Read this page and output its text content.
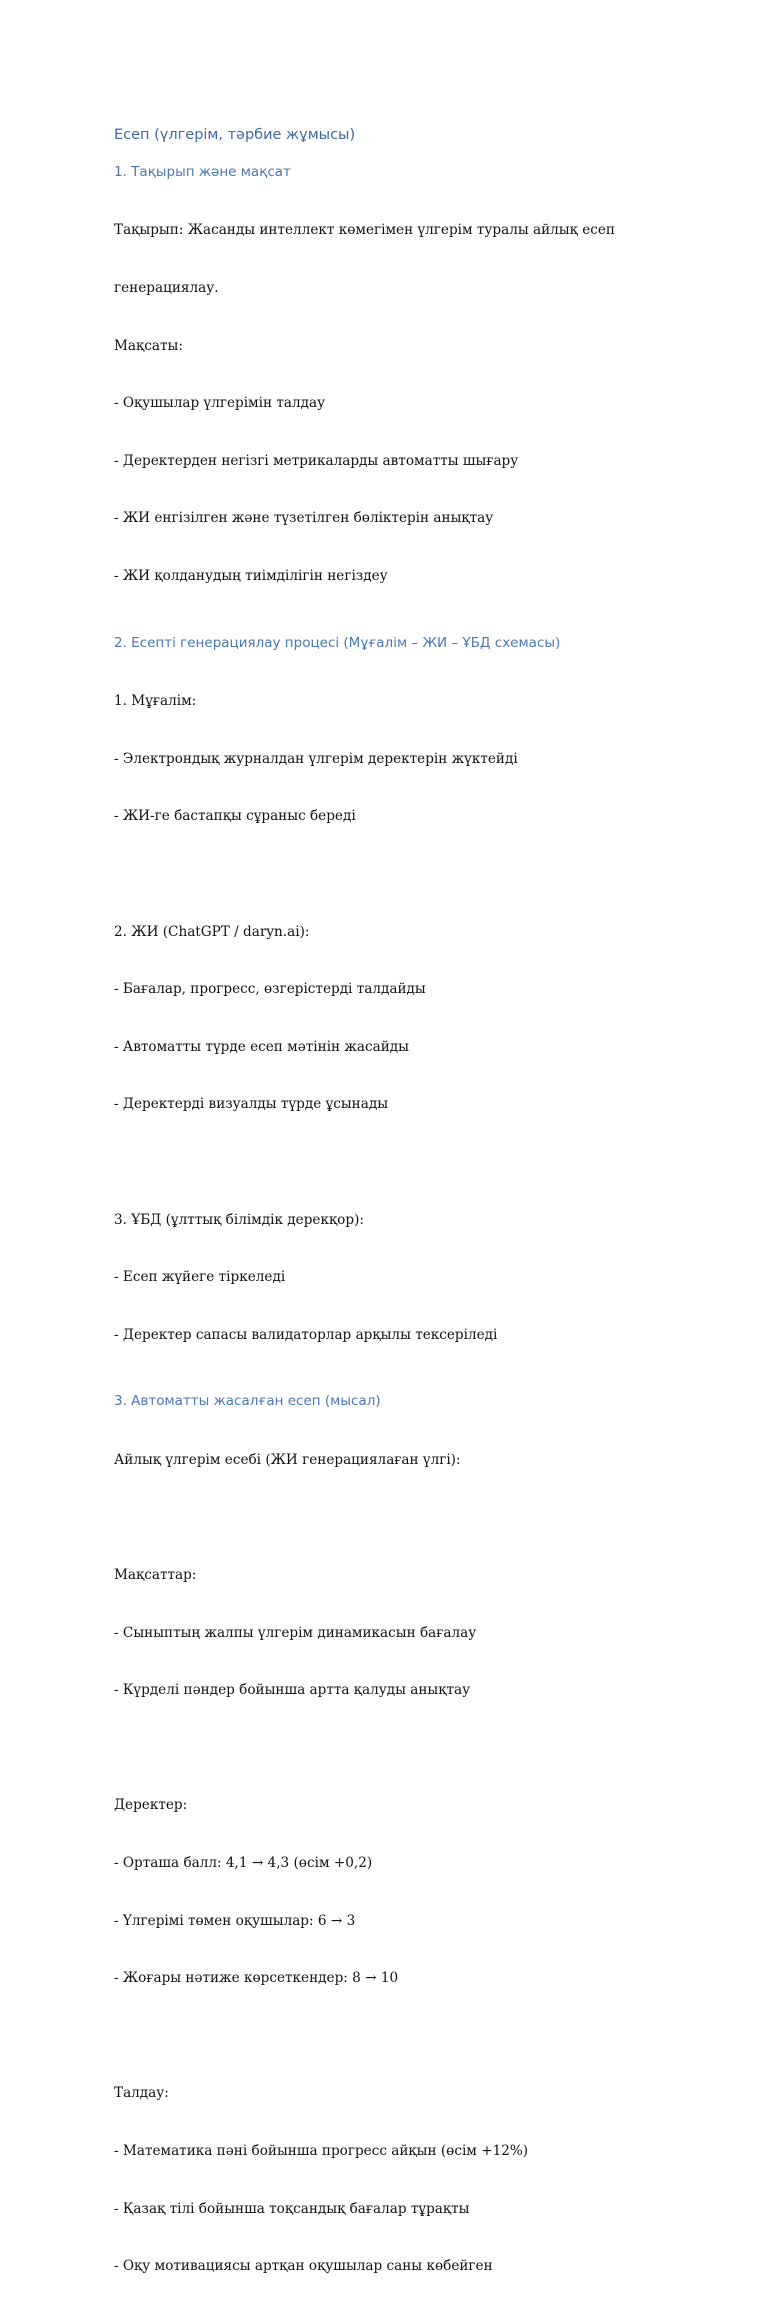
Есеп (үлгерім, тәрбие жұмысы)
1. Тақырып және мақсат

Тақырып: Жасанды интеллект көмегімен үлгерім туралы айлық есеп

генерациялау.

Мақсаты:

- Оқушылар үлгерімін талдау

- Деректерден негізгі метрикаларды автоматты шығару

- ЖИ енгізілген және түзетілген бөліктерін анықтау

- ЖИ қолданудың тиімділігін негіздеу

2. Есепті генерациялау процесі (Мұғалім – ЖИ – ҰБД схемасы)

1. Мұғалім:

- Электрондық журналдан үлгерім деректерін жүктейді

- ЖИ-ге бастапқы сұраныс береді

2. ЖИ (ChatGPT / daryn.ai):

- Бағалар, прогресс, өзгерістерді талдайды

- Автоматты түрде есеп мәтінін жасайды

- Деректерді визуалды түрде ұсынады

3. ҰБД (ұлттық білімдік дерекқор):

- Есеп жүйеге тіркеледі

- Деректер сапасы валидаторлар арқылы тексеріледі

3. Автоматты жасалған есеп (мысал)

Айлық үлгерім есебі (ЖИ генерациялаған үлгі):

Мақсаттар:

- Сыныптың жалпы үлгерім динамикасын бағалау

- Күрделі пәндер бойынша артта қалуды анықтау

Деректер:

- Орташа балл: 4,1 → 4,3 (өсім +0,2)

- Үлгерімі төмен оқушылар: 6 → 3

- Жоғары нәтиже көрсеткендер: 8 → 10

Талдау:

- Математика пәні бойынша прогресс айқын (өсім +12%)

- Қазақ тілі бойынша тоқсандық бағалар тұрақты

- Оқу мотивациясы артқан оқушылар саны көбейген
